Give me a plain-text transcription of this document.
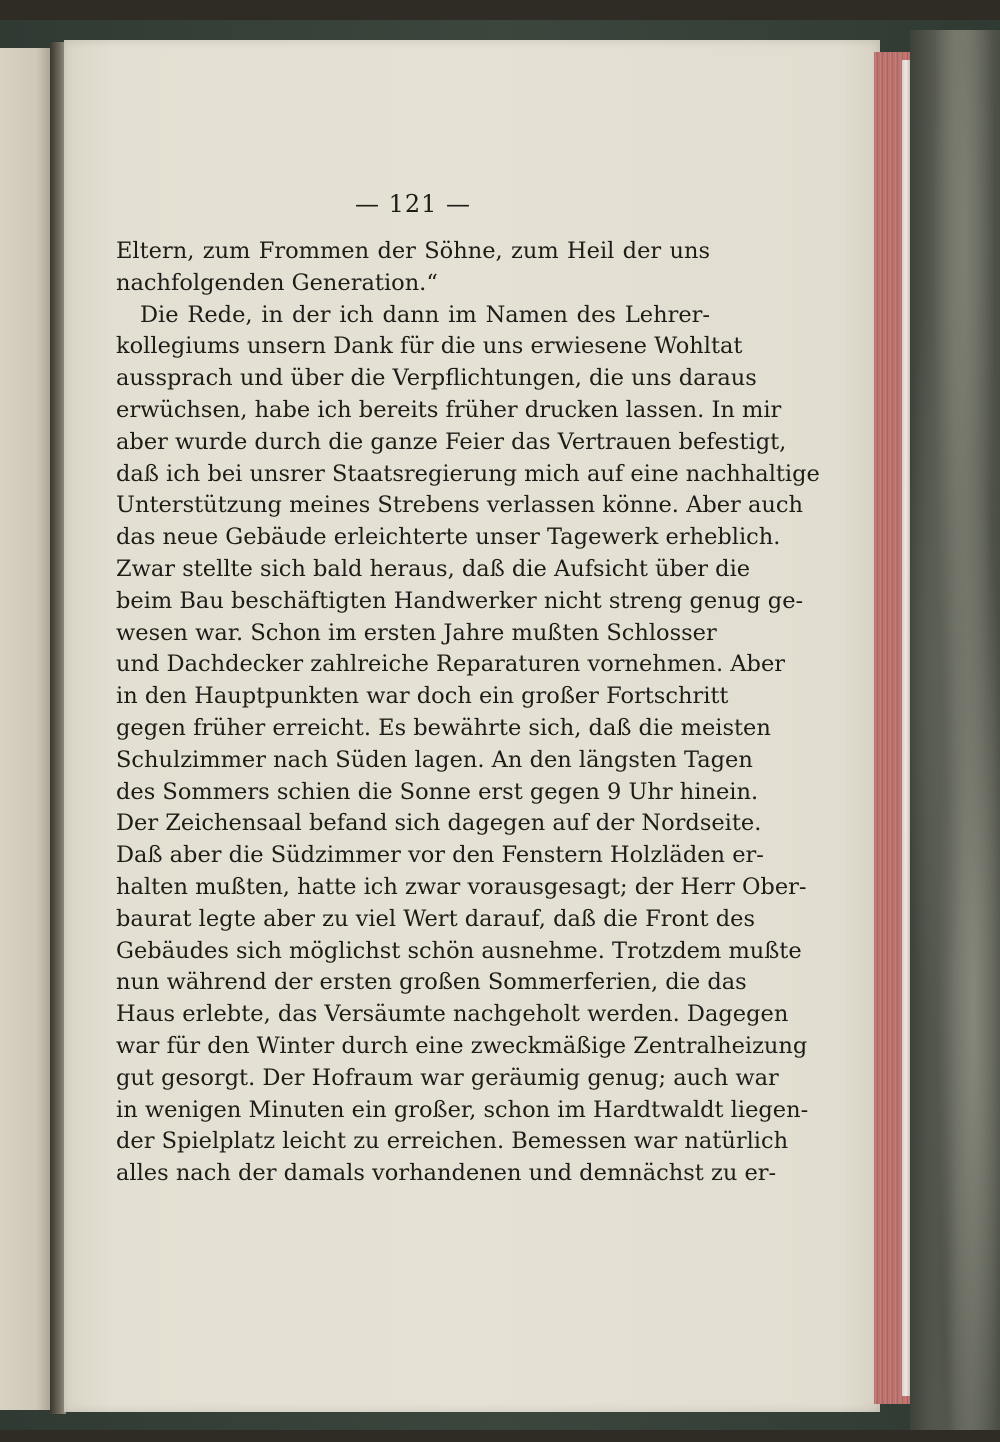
— 121 —
Eltern, zum Frommen der Söhne, zum Heil der uns
nachfolgenden Generation.“
Die Rede, in der ich dann im Namen des Lehrer-
kollegiums unsern Dank für die uns erwiesene Wohltat
aussprach und über die Verpflichtungen, die uns daraus
erwüchsen, habe ich bereits früher drucken lassen. In mir
aber wurde durch die ganze Feier das Vertrauen befestigt,
daß ich bei unsrer Staatsregierung mich auf eine nachhaltige
Unterstützung meines Strebens verlassen könne. Aber auch
das neue Gebäude erleichterte unser Tagewerk erheblich.
Zwar stellte sich bald heraus, daß die Aufsicht über die
beim Bau beschäftigten Handwerker nicht streng genug ge-
wesen war. Schon im ersten Jahre mußten Schlosser
und Dachdecker zahlreiche Reparaturen vornehmen. Aber
in den Hauptpunkten war doch ein großer Fortschritt
gegen früher erreicht. Es bewährte sich, daß die meisten
Schulzimmer nach Süden lagen. An den längsten Tagen
des Sommers schien die Sonne erst gegen 9 Uhr hinein.
Der Zeichensaal befand sich dagegen auf der Nordseite.
Daß aber die Südzimmer vor den Fenstern Holzläden er-
halten mußten, hatte ich zwar vorausgesagt; der Herr Ober-
baurat legte aber zu viel Wert darauf, daß die Front des
Gebäudes sich möglichst schön ausnehme. Trotzdem mußte
nun während der ersten großen Sommerferien, die das
Haus erlebte, das Versäumte nachgeholt werden. Dagegen
war für den Winter durch eine zweckmäßige Zentralheizung
gut gesorgt. Der Hofraum war geräumig genug; auch war
in wenigen Minuten ein großer, schon im Hardtwaldt liegen-
der Spielplatz leicht zu erreichen. Bemessen war natürlich
alles nach der damals vorhandenen und demnächst zu er-
